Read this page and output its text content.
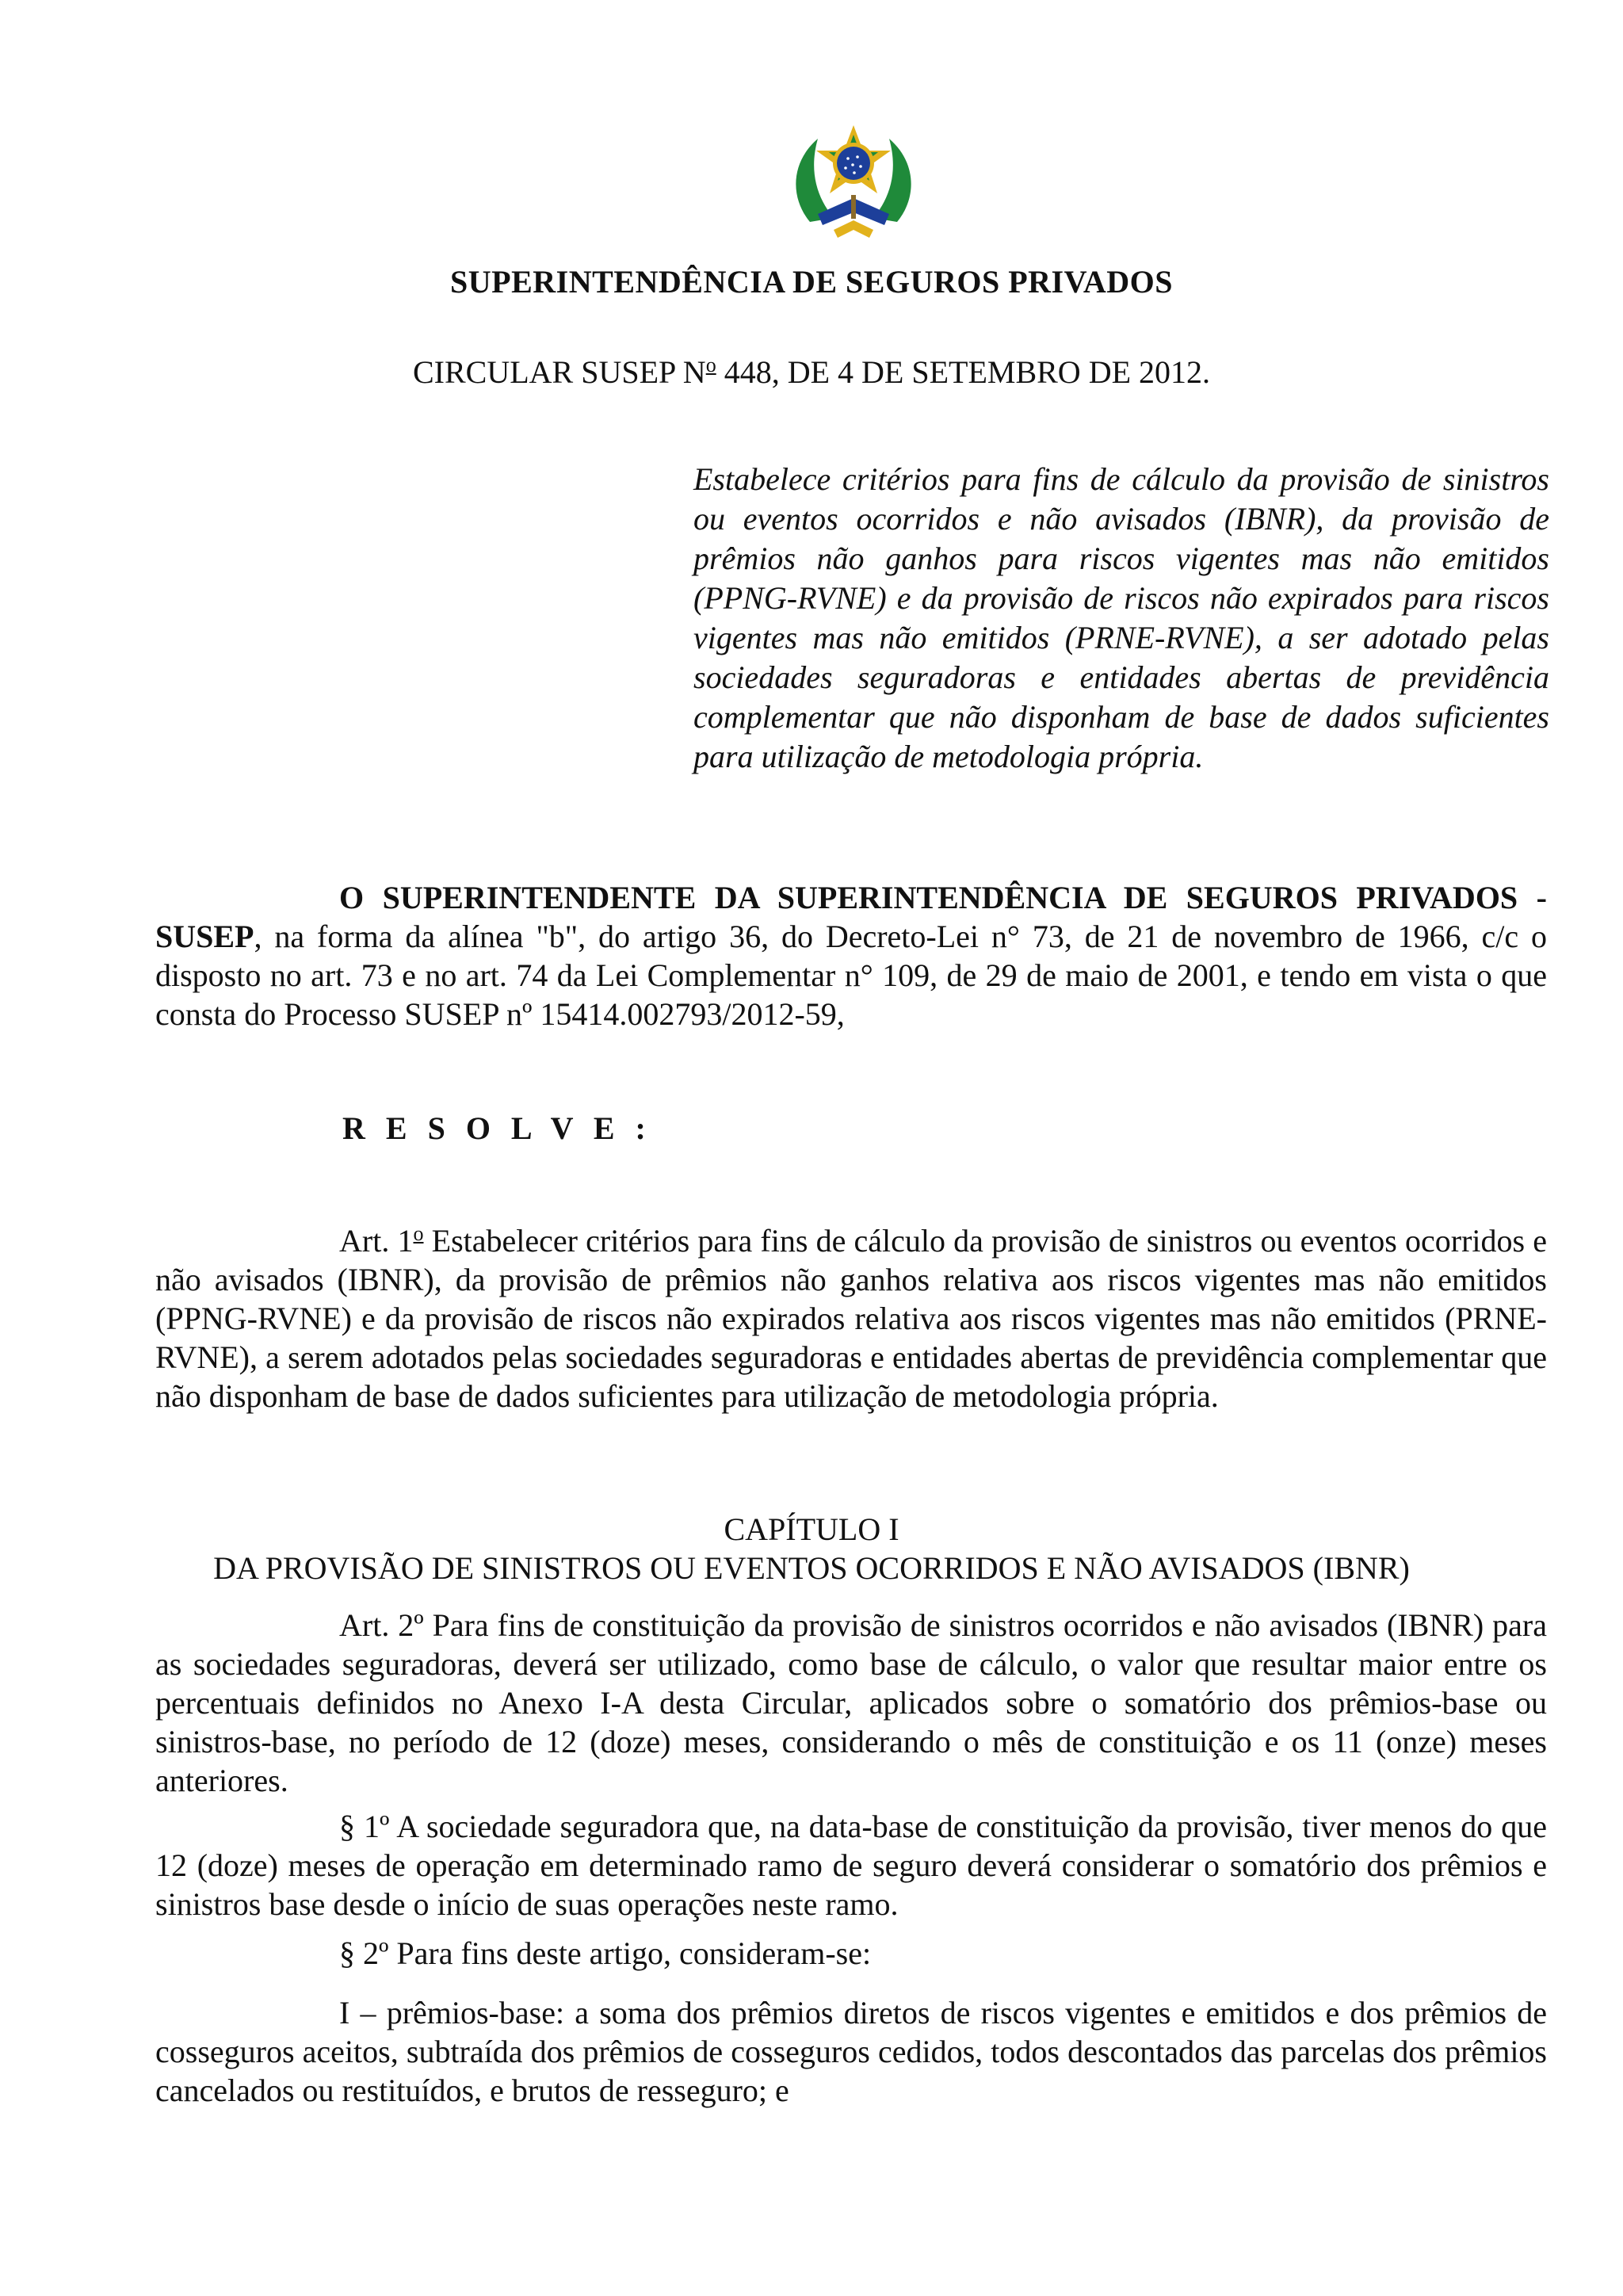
SUPERINTENDÊNCIA DE SEGUROS PRIVADOS
CIRCULAR SUSEP $N^o$ 448, DE 4 DE SETEMBRO DE 2012.
Estabelece critérios para fins de cálculo da provisão de sinistros ou eventos ocorridos e não avisados (IBNR), da provisão de prêmios não ganhos para riscos vigentes mas não emitidos (PPNG-RVNE) e da provisão de riscos não expirados para riscos vigentes mas não emitidos (PRNE-RVNE), a ser adotado pelas sociedades seguradoras e entidades abertas de previdência complementar que não disponham de base de dados suficientes para utilização de metodologia própria.
O SUPERINTENDENTE DA SUPERINTENDÊNCIA DE SEGUROS PRIVADOS - SUSEP, na forma da alínea "b", do artigo 36, do Decreto-Lei n° 73, de 21 de novembro de 1966, c/c o disposto no art. 73 e no art. 74 da Lei Complementar n° 109, de 29 de maio de 2001, e tendo em vista o que consta do Processo SUSEP nº 15414.002793/2012-59,
R E S O L V E :
Art. 1$^o$ Estabelecer critérios para fins de cálculo da provisão de sinistros ou eventos ocorridos e não avisados (IBNR), da provisão de prêmios não ganhos relativa aos riscos vigentes mas não emitidos (PPNG-RVNE) e da provisão de riscos não expirados relativa aos riscos vigentes mas não emitidos (PRNE-RVNE), a serem adotados pelas sociedades seguradoras e entidades abertas de previdência complementar que não disponham de base de dados suficientes para utilização de metodologia própria.
CAPÍTULO I
DA PROVISÃO DE SINISTROS OU EVENTOS OCORRIDOS E NÃO AVISADOS (IBNR)
Art. 2º Para fins de constituição da provisão de sinistros ocorridos e não avisados (IBNR) para as sociedades seguradoras, deverá ser utilizado, como base de cálculo, o valor que resultar maior entre os percentuais definidos no Anexo I-A desta Circular, aplicados sobre o somatório dos prêmios-base ou sinistros-base, no período de 12 (doze) meses, considerando o mês de constituição e os 11 (onze) meses anteriores.
§ 1º A sociedade seguradora que, na data-base de constituição da provisão, tiver menos do que 12 (doze) meses de operação em determinado ramo de seguro deverá considerar o somatório dos prêmios e sinistros base desde o início de suas operações neste ramo.
§ 2º Para fins deste artigo, consideram-se:
I – prêmios-base: a soma dos prêmios diretos de riscos vigentes e emitidos e dos prêmios de cosseguros aceitos, subtraída dos prêmios de cosseguros cedidos, todos descontados das parcelas dos prêmios cancelados ou restituídos, e brutos de resseguro; e
